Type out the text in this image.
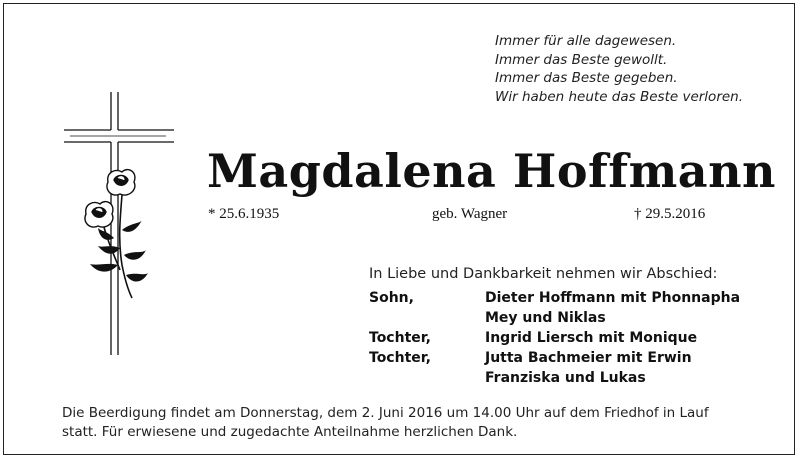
Immer für alle dagewesen.
Immer das Beste gewollt.
Immer das Beste gegeben.
Wir haben heute das Beste verloren.
Magdalena Hoffmann
* 25.6.1935	geb. Wagner	† 29.5.2016
In Liebe und Dankbarkeit nehmen wir Abschied:
Sohn,	Dieter Hoffmann mit Phonnapha
Mey und Niklas
Tochter,	Ingrid Liersch mit Monique
Tochter,	Jutta Bachmeier mit Erwin
Franziska und Lukas
Die Beerdigung findet am Donnerstag, dem 2. Juni 2016 um 14.00 Uhr auf dem Friedhof in Lauf
statt. Für erwiesene und zugedachte Anteilnahme herzlichen Dank.
